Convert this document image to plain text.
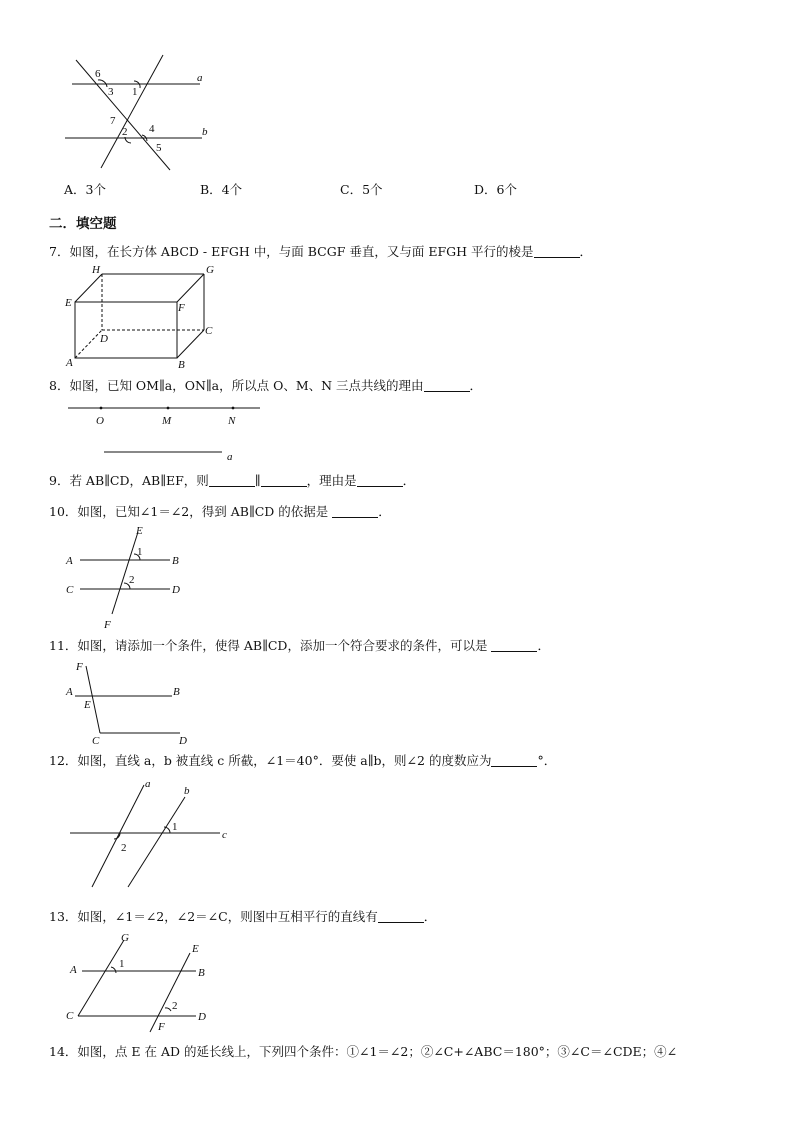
6
3 1
a
7
2 4	b
5
A．3个	B．4个	C．5个	D．6个
二．填空题
7．如图，在长方体 ABCD - EFGH 中，与面 BCGF 垂直，又与面 EFGH 平行的棱是	．
H	G
E	F
D
C
A	B
8．如图，已知 OM∥a，ON∥a，所以点 O、M、N 三点共线的理由	．
O	M	N
a
9．若 AB∥CD，AB∥EF，则	∥	，理由是	．
10．如图，已知∠1＝∠2，得到 AB∥CD 的依据是	．
E
A
1
B
C
2
D
F
11．如图，请添加一个条件，使得 AB∥CD，添加一个符合要求的条件，可以是	．
F
A	B
E
C	D
12．如图，直线 a，b 被直线 c 所截，∠1＝40°．要使 a∥b，则∠2 的度数应为	°．
a
b
c
1
2
13．如图，∠1＝∠2，∠2＝∠C，则图中互相平行的直线有	．
G
E
A	1
B
2
C
F
D
14．如图，点 E 在 AD 的延长线上，下列四个条件：①∠1＝∠2；②∠C+∠ABC＝180°；③∠C＝∠CDE；④∠
